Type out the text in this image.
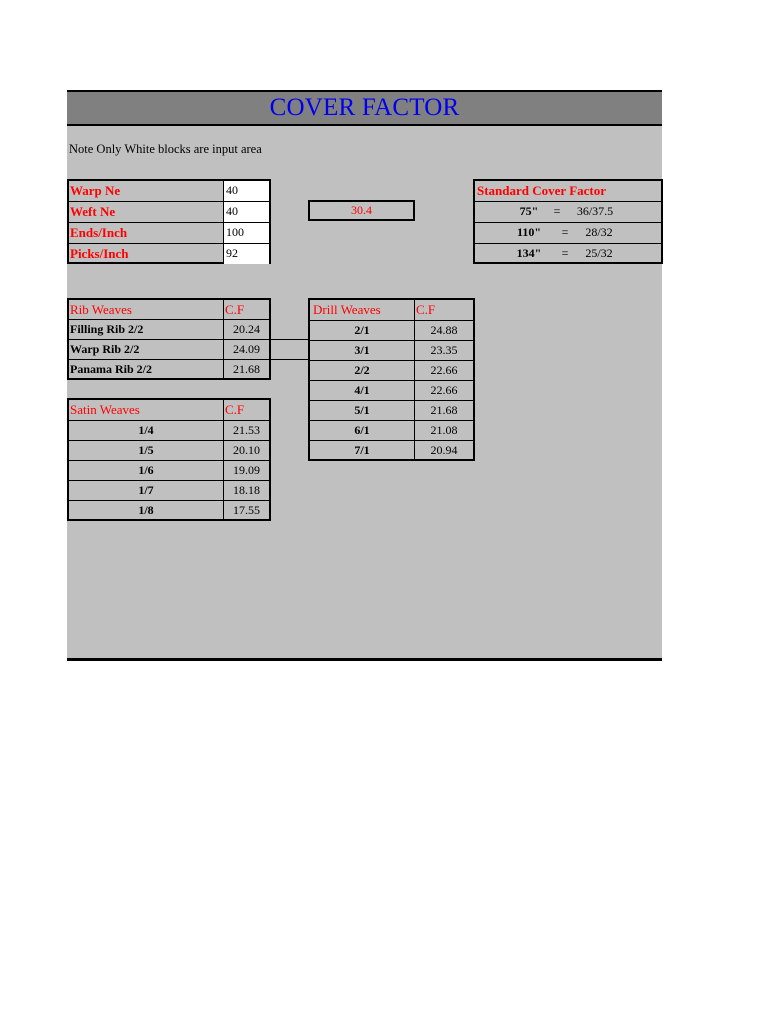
COVER FACTOR
Note Only White blocks are input area
Warp Ne	40
Weft Ne	40
Ends/Inch	100
Picks/Inch	92
30.4
Standard Cover Factor
75"	=	36/37.5
110"	=	28/32
134"	=	25/32
Rib Weaves	C.F
Filling Rib 2/2	20.24
Warp Rib 2/2	24.09
Panama Rib 2/2	21.68
Satin Weaves	C.F
1/4	21.53
1/5	20.10
1/6	19.09
1/7	18.18
1/8	17.55
Drill Weaves	C.F
2/1	24.88
3/1	23.35
2/2	22.66
4/1	22.66
5/1	21.68
6/1	21.08
7/1	20.94
